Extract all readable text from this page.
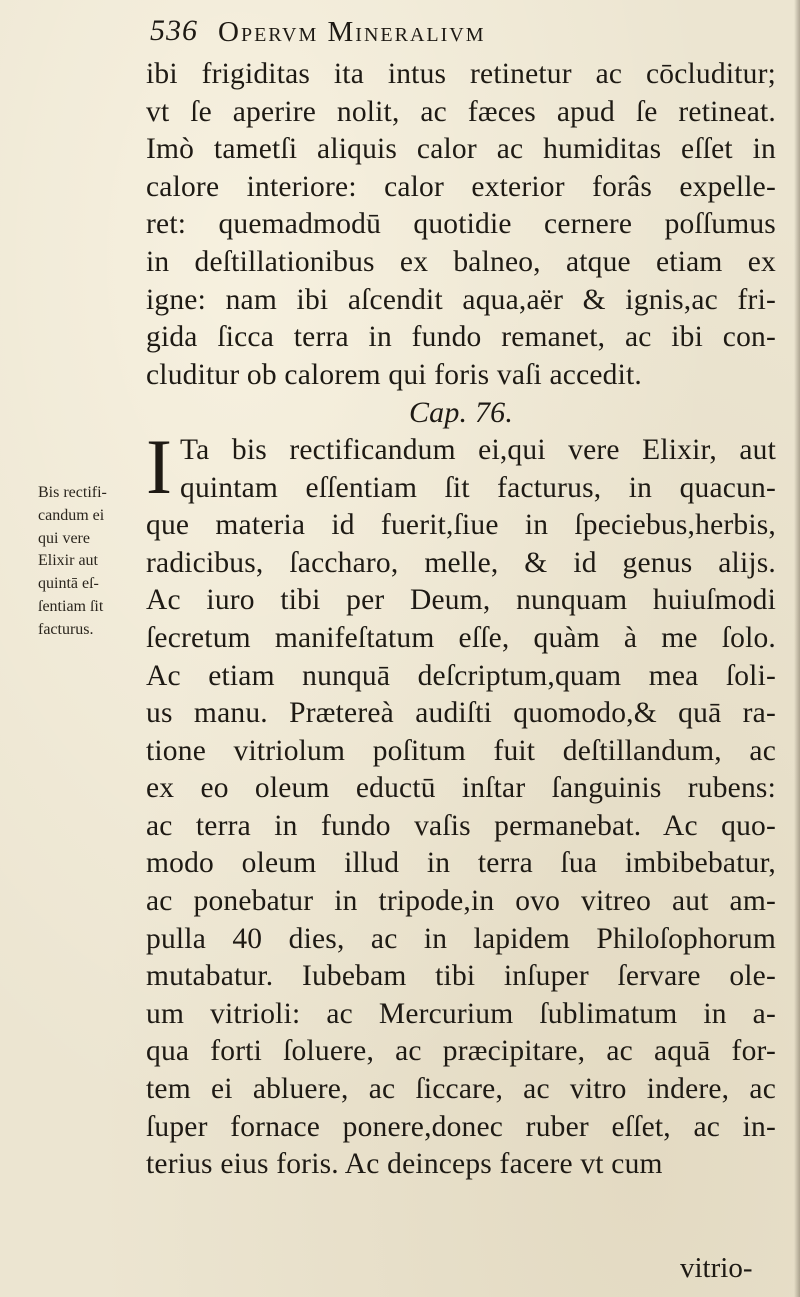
536 Opervm Mineralivm
Bis rectifi-
candum ei
qui vere
Elixir aut
quintā eſ-
ſentiam ſit
facturus.
ibi frigiditas ita intus retinetur ac cōcluditur;
vt ſe aperire nolit, ac fæces apud ſe retineat.
Imò tametſi aliquis calor ac humiditas eſſet in
calore interiore: calor exterior forâs expelle-
ret: quemadmodū quotidie cernere poſſumus
in deſtillationibus ex balneo, atque etiam ex
igne: nam ibi aſcendit aqua,aër & ignis,ac fri-
gida ſicca terra in fundo remanet, ac ibi con-
cluditur ob calorem qui foris vaſi accedit.
Cap. 76.
I Ta bis rectificandum ei,qui vere Elixir, aut
quintam eſſentiam ſit facturus, in quacun-
que materia id fuerit,ſiue in ſpeciebus,herbis,
radicibus, ſaccharo, melle, & id genus alijs.
Ac iuro tibi per Deum, nunquam huiuſmodi
ſecretum manifeſtatum eſſe, quàm à me ſolo.
Ac etiam nunquā deſcriptum,quam mea ſoli-
us manu. Prætereà audiſti quomodo,& quā ra-
tione vitriolum poſitum fuit deſtillandum, ac
ex eo oleum eductū inſtar ſanguinis rubens:
ac terra in fundo vaſis permanebat. Ac quo-
modo oleum illud in terra ſua imbibebatur,
ac ponebatur in tripode,in ovo vitreo aut am-
pulla 40 dies, ac in lapidem Philoſophorum
mutabatur. Iubebam tibi inſuper ſervare ole-
um vitrioli: ac Mercurium ſublimatum in a-
qua forti ſoluere, ac præcipitare, ac aquā for-
tem ei abluere, ac ſiccare, ac vitro indere, ac
ſuper fornace ponere,donec ruber eſſet, ac in-
terius eius foris. Ac deinceps facere vt cum
vitrio-
